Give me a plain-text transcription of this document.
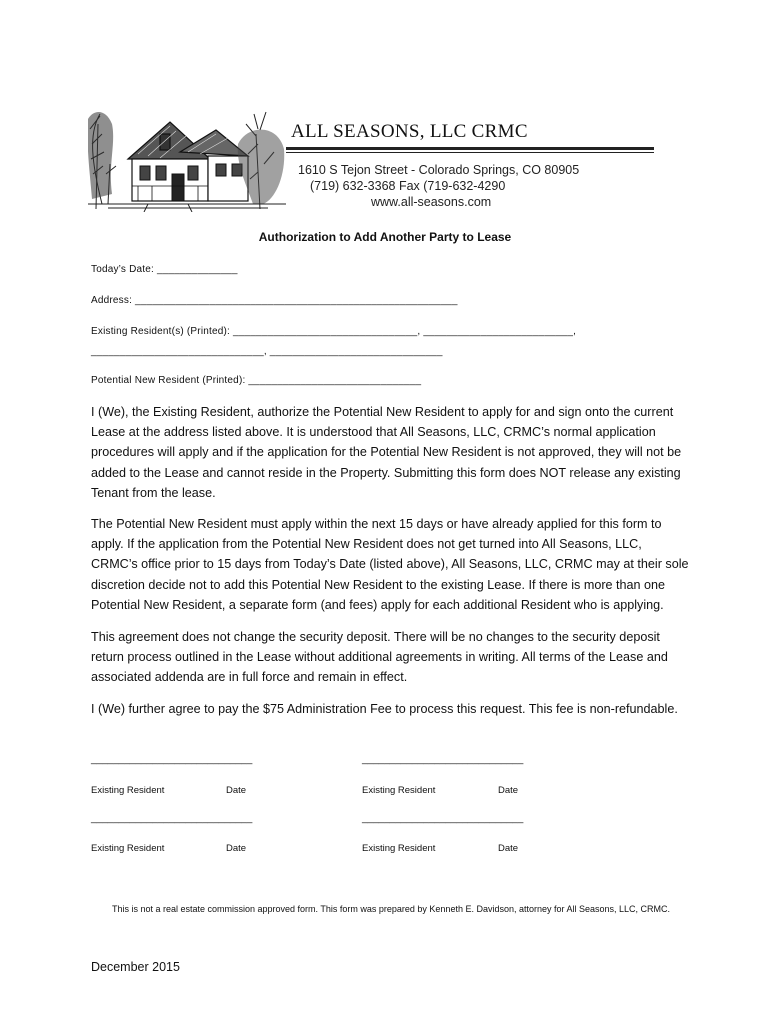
ALL SEASONS, LLC CRMC
1610 S Tejon Street - Colorado Springs, CO 80905
(719) 632-3368 Fax (719-632-4290
www.all-seasons.com
Authorization to Add Another Party to Lease
Today’s Date: ______________
Address: ________________________________________________________
Existing Resident(s) (Printed): ________________________________, __________________________,
______________________________, ______________________________
Potential New Resident (Printed): ______________________________
I (We), the Existing Resident, authorize the Potential New Resident to apply for and sign onto the current Lease at the address listed above. It is understood that All Seasons, LLC, CRMC’s normal application procedures will apply and if the application for the Potential New Resident is not approved, they will not be added to the Lease and cannot reside in the Property. Submitting this form does NOT release any existing Tenant from the lease.
The Potential New Resident must apply within the next 15 days or have already applied for this form to apply. If the application from the Potential New Resident does not get turned into All Seasons, LLC, CRMC’s office prior to 15 days from Today’s Date (listed above), All Seasons, LLC, CRMC may at their sole discretion decide not to add this Potential New Resident to the existing Lease. If there is more than one Potential New Resident, a separate form (and fees) apply for each additional Resident who is applying.
This agreement does not change the security deposit. There will be no changes to the security deposit return process outlined in the Lease without additional agreements in writing. All terms of the Lease and associated addenda are in full force and remain in effect.
I (We) further agree to pay the $75 Administration Fee to process this request. This fee is non-refundable.
_____________________________	_____________________________
Existing Resident	Date	Existing Resident	Date
_____________________________	_____________________________
Existing Resident	Date	Existing Resident	Date
This is not a real estate commission approved form. This form was prepared by Kenneth E. Davidson, attorney for All Seasons, LLC, CRMC.
December 2015
